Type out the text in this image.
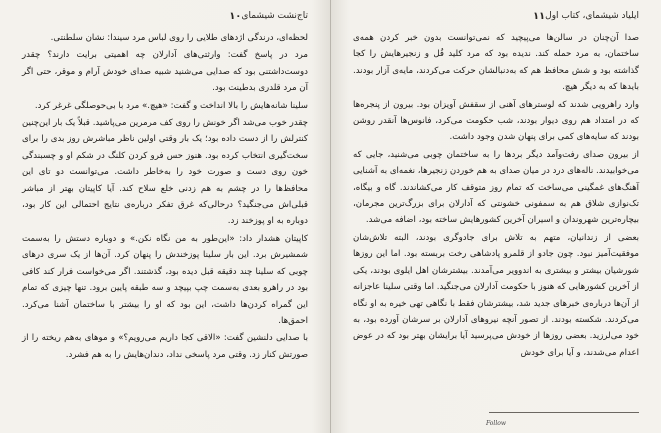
۱۰ تاج‌نشت شیشمای

لحظه‌ای، درندگی اژدهای طلایی را روی لباس مرد سیندا: نشان سلطنتی.

مرد در پاسخ گفت: وارثتی‌های آدارلان چه اهمیتی برایت دارند؟ چقدر دوست‌داشتنی بود که صدایی می‌شنید شبیه صدای خودش آرام و موقر، حتی اگر آن مرد قلدری بدطینت بود.

سلینا شانه‌هایش را بالا انداخت و گفت: «هیچ.» مرد با بی‌حوصلگی غرغر کرد.

چقدر خوب می‌شد اگر خونش را روی کف مرمرین می‌پاشید. قبلاً یک بار این‌چنین کنترلش را از دست داده بود؛ یک بار وقتی اولین ناظر مباشرش روز بدی را برای سخت‌گیری انتخاب کرده بود. هنوز حس فرو کردن کلنگ در شکم او و چسبندگی خون روی دست و صورت خود را به‌خاطر داشت. می‌توانست دو تای این محافظ‌ها را در چشم به هم زدنی خلع سلاح کند. آیا کاپیتان بهتر از مباشر قبلی‌اش می‌جنگید؟ درحالی‌که غرق تفکر درباره‌ی نتایج احتمالی این کار بود، دوباره به او پوزخند زد.

کاپیتان هشدار داد: «این‌طور به من نگاه نکن.» و دوباره دستش را به‌سمت شمشیرش برد. این بار سلینا پوزخندش را پنهان کرد. آن‌ها از یک سری درهای چوبی که سلینا چند دقیقه قبل دیده بود، گذشتند. اگر می‌خواست فرار کند کافی بود در راهرو بعدی به‌سمت چپ بپیچد و سه طبقه پایین برود. تنها چیزی که تمام این گمراه کردن‌ها داشت، این بود که او را بیشتر با ساختمان آشنا می‌کرد. احمق‌ها.

با صدایی دلنشین گفت: «الاقی کجا داریم می‌رویم؟» و موهای به‌هم ریخته را از صورتش کنار زد. وقتی مرد پاسخی نداد، دندان‌هایش را به هم فشرد.

ایلیاد شیشمای، کتاب اول
۱۱

صدا آن‌چنان در سالن‌ها می‌پیچید که نمی‌توانست بدون خبر کردن همه‌ی ساختمان، به مرد حمله کند. ندیده بود که مرد کلید قُل و زنجیرهایش را کجا گذاشته بود و شش محافظ هم که به‌دنبالشان حرکت می‌کردند، مایه‌ی آزار بودند. بایدها که به دیگر هیچ.

وارد راهرویی شدند که لوسترهای آهنی از سقفش آویزان بود. بیرون از پنجره‌ها که در امتداد هم روی دیوار بودند، شب حکومت می‌کرد، فانوس‌ها آنقدر روشن بودند که سایه‌های کمی برای پنهان شدن وجود داشت.

از بیرون صدای رفت‌وآمد دیگر بردها را به ساختمان چوبی می‌شنید، جایی که می‌خوابیدند. ناله‌های درد در میان صدای به هم خوردن زنجیرها، نغمه‌ای به آشنایی آهنگ‌های غمگینی می‌ساخت که تمام روز متوقف کار می‌کشاندند. گاه و بیگاه، تک‌نوازی شلاق هم به سمفونی خشونتی که آدارلان برای بزرگ‌ترین مجرمان، بیچاره‌ترین شهروندان و اسیران آخرین کشورهایش ساخته بود، اضافه می‌شد.

بعضی از زندانیان، متهم به تلاش برای جادوگری بودند، البته تلاش‌شان موفقیت‌آمیز نبود. چون جادو از قلمرو پادشاهی رخت بربسته بود. اما این روزها شورشیان بیشتر و بیشتری به اندوویر می‌آمدند. بیشترشان اهل ایلوی بودند، یکی از آخرین کشورهایی که هنوز با حکومت آدارلان می‌جنگید. اما وقتی سلینا عاجزانه از آن‌ها درباره‌ی خبرهای جدید شد، بیشترشان فقط با نگاهی تهی خیره به او نگاه می‌کردند. شکسته بودند. از تصور آنچه نیروهای آدارلان بر سرشان آورده بود، به خود می‌لرزید. بعضی روزها از خودش می‌پرسید آیا برایشان بهتر بود که در عوض اعدام می‌شدند، و آیا برای خودش

Follow
